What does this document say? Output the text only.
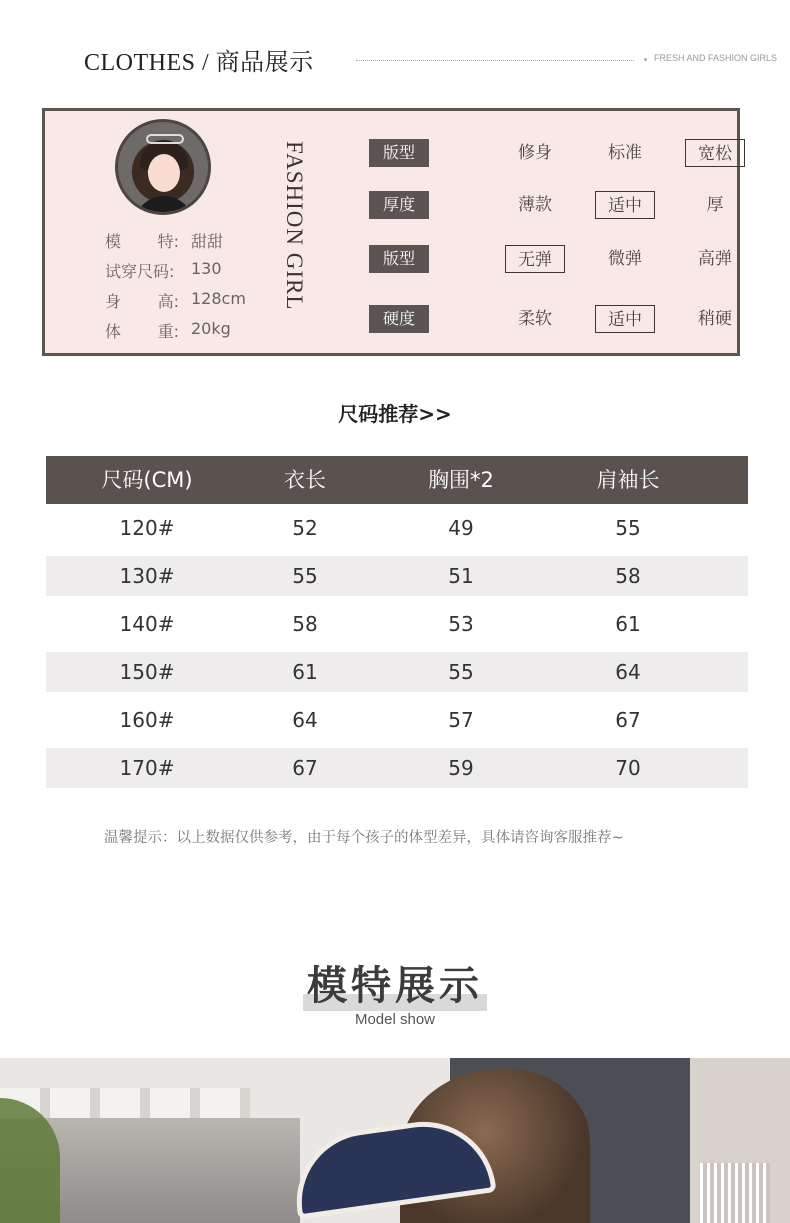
CLOTHES / 商品展示	FRESH AND FASHION GIRLS
模 特: 甜甜
试穿尺码: 130
身 高: 128cm
体 重: 20kg
FASHION GIRL	版型	修身	标准	宽松
厚度	薄款	适中	厚
版型	无弹	微弹	高弹
硬度	柔软	适中	稍硬
尺码推荐>>
尺码(CM)	衣长	胸围*2	肩袖长
120#	52	49	55
130#	55	51	58
140#	58	53	61
150#	61	55	64
160#	64	57	67
170#	67	59	70
温馨提示：以上数据仅供参考，由于每个孩子的体型差异，具体请咨询客服推荐~
模特展示
Model show
